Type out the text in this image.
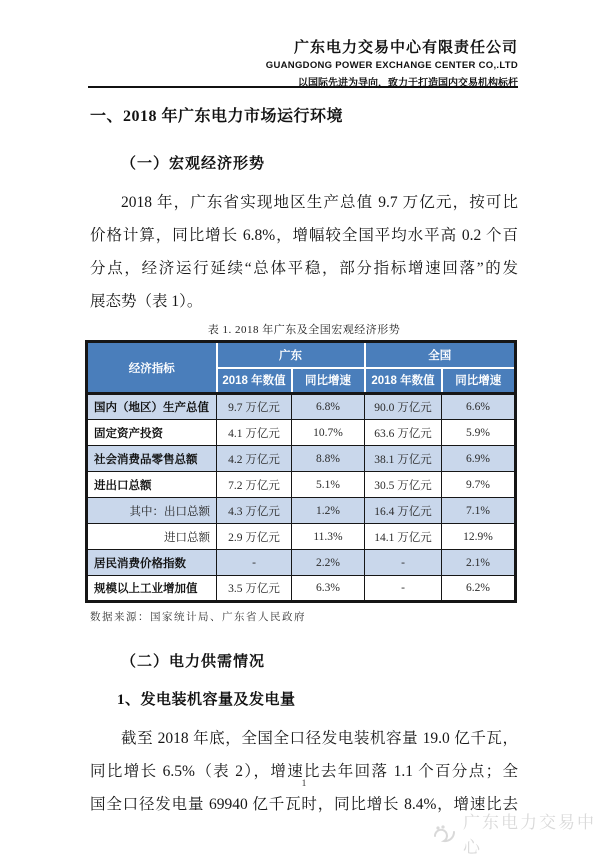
广东电力交易中心有限责任公司
GUANGDONG POWER EXCHANGE CENTER CO,.LTD
以国际先进为导向，致力于打造国内交易机构标杆
一、2018 年广东电力市场运行环境
（一）宏观经济形势
2018 年，广东省实现地区生产总值 9.7 万亿元，按可比
价格计算，同比增长 6.8%，增幅较全国平均水平高 0.2 个百
分点，经济运行延续“总体平稳，部分指标增速回落”的发
展态势（表 1）。
表 1. 2018 年广东及全国宏观经济形势
经济指标	广东		全国	
	2018 年数值	同比增速	2018 年数值	同比增速
国内（地区）生产总值	9.7 万亿元	6.8%	90.0 万亿元	6.6%
固定资产投资	4.1 万亿元	10.7%	63.6 万亿元	5.9%
社会消费品零售总额	4.2 万亿元	8.8%	38.1 万亿元	6.9%
进出口总额	7.2 万亿元	5.1%	30.5 万亿元	9.7%
其中：出口总额	4.3 万亿元	1.2%	16.4 万亿元	7.1%
进口总额	2.9 万亿元	11.3%	14.1 万亿元	12.9%
居民消费价格指数	-	2.2%	-	2.1%
规模以上工业增加值	3.5 万亿元	6.3%	-	6.2%
数据来源：国家统计局、广东省人民政府
（二）电力供需情况
1、发电装机容量及发电量
截至 2018 年底，全国全口径发电装机容量 19.0 亿千瓦，
同比增长 6.5%（表 2），增速比去年回落 1.1 个百分点；全
国全口径发电量 69940 亿千瓦时，同比增长 8.4%，增速比去
1
广东电力交易中心
